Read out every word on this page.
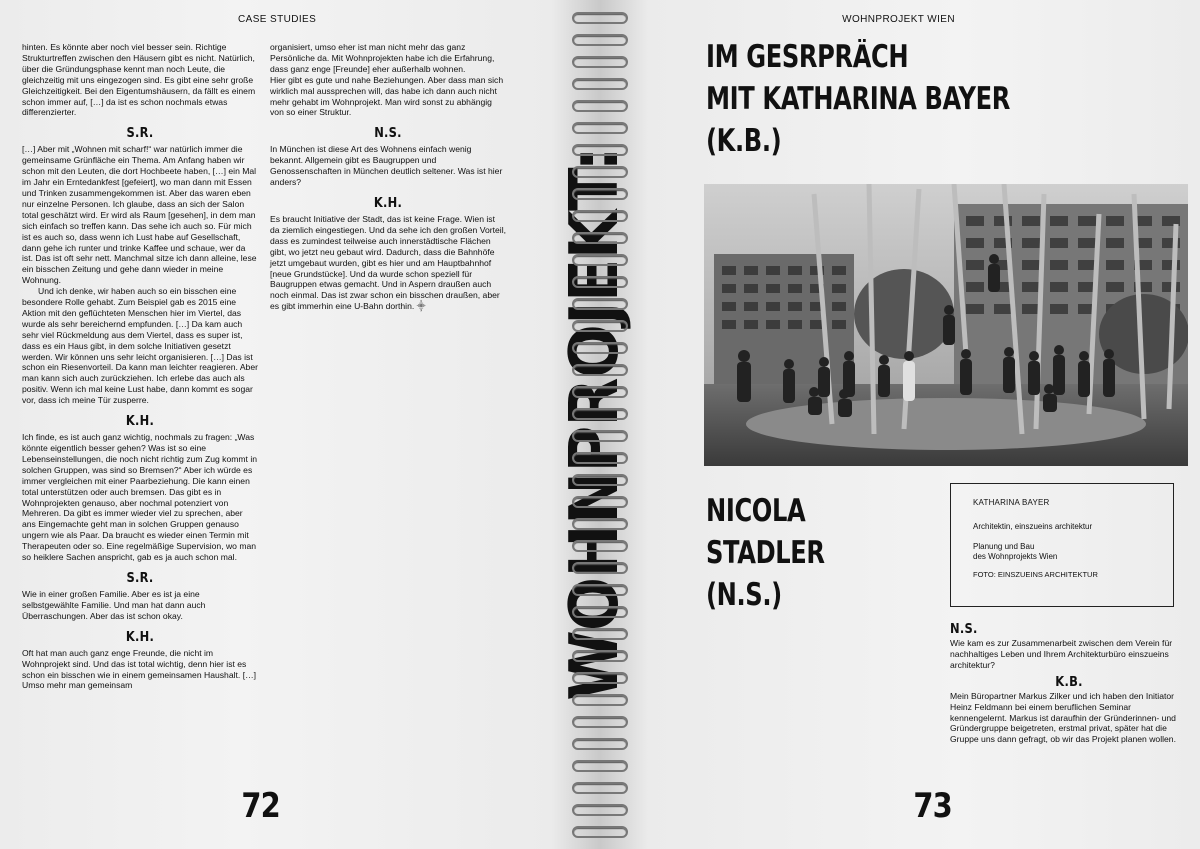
CASE STUDIES

hinten. Es könnte aber noch viel besser sein. Richtige Strukturtreffen zwischen den Häusern gibt es nicht. Natürlich, über die Gründungsphase kennt man noch Leute, die gleichzeitig mit uns eingezogen sind. Es gibt eine sehr große Gleichzeitigkeit. Bei den Eigentumshäusern, da fällt es einem schon immer auf, […] da ist es schon nochmals etwas differenzierter.

S.R.

[…] Aber mit „Wohnen mit scharf!“ war natürlich immer die gemeinsame Grünfläche ein Thema. Am Anfang haben wir schon mit den Leuten, die dort Hochbeete haben, […] ein Mal im Jahr ein Erntedankfest [gefeiert], wo man dann mit Essen und Trinken zusammengekommen ist. Aber das waren eben nur einzelne Personen. Ich glaube, dass an sich der Salon total geschätzt wird. Er wird als Raum [gesehen], in dem man sich einfach so treffen kann. Das sehe ich auch so. Für mich ist es auch so, dass wenn ich Lust habe auf Gesellschaft, dann gehe ich runter und trinke Kaffee und schaue, wer da ist. Das ist oft sehr nett. Manchmal sitze ich dann alleine, lese ein bisschen Zeitung und gehe dann wieder in meine Wohnung.

Und ich denke, wir haben auch so ein bisschen eine besondere Rolle gehabt. Zum Beispiel gab es 2015 eine Aktion mit den geflüchteten Menschen hier im Viertel, das wurde als sehr bereichernd empfunden. […] Da kam auch sehr viel Rückmeldung aus dem Viertel, dass es super ist, dass es ein Haus gibt, in dem solche Initiativen gesetzt werden. Wir können uns sehr leicht organisieren. […] Das ist schon ein Riesenvorteil. Da kann man leichter reagieren. Aber man kann sich auch zurückziehen. Ich erlebe das auch als positiv. Wenn ich mal keine Lust habe, dann kommt es sogar vor, dass ich meine Tür zusperre.

K.H.

Ich finde, es ist auch ganz wichtig, nochmals zu fragen: „Was könnte eigentlich besser gehen? Was ist so eine Lebenseinstellungen, die noch nicht richtig zum Zug kommt in solchen Gruppen, was sind so Bremsen?“ Aber ich würde es immer vergleichen mit einer Paarbeziehung. Die kann einen total unterstützen oder auch bremsen. Das gibt es in Wohnprojekten genauso, aber nochmal potenziert von Mehreren. Da gibt es immer wieder viel zu sprechen, aber ans Eingemachte geht man in solchen Gruppen genauso ungern wie als Paar. Da braucht es wieder einen Termin mit Therapeuten oder so. Eine regelmäßige Supervision, wo man so heiklere Sachen anspricht, gab es ja auch schon mal.

S.R.

Wie in einer großen Familie. Aber es ist ja eine selbstgewählte Familie. Und man hat dann auch Überraschungen. Aber das ist schon okay.

K.H.

Oft hat man auch ganz enge Freunde, die nicht im Wohnprojekt sind. Und das ist total wichtig, denn hier ist es schon ein bisschen wie in einem gemeinsamen Haushalt. […] Umso mehr man gemeinsam

organisiert, umso eher ist man nicht mehr das ganz Persönliche da. Mit Wohnprojekten habe ich die Erfahrung, dass ganz enge [Freunde] eher außerhalb wohnen.

Hier gibt es gute und nahe Beziehungen. Aber dass man sich wirklich mal aussprechen will, das habe ich dann auch nicht mehr gehabt im Wohnprojekt. Man wird sonst zu abhängig von so einer Struktur.

N.S.

In München ist diese Art des Wohnens einfach wenig bekannt. Allgemein gibt es Baugruppen und Genossenschaften in München deutlich seltener. Was ist hier anders?

K.H.

Es braucht Initiative der Stadt, das ist keine Frage. Wien ist da ziemlich eingestiegen. Und da sehe ich den großen Vorteil, dass es zumindest teilweise auch innerstädtische Flächen gibt, wo jetzt neu gebaut wird. Dadurch, dass die Bahnhöfe jetzt umgebaut wurden, gibt es hier und am Hauptbahnhof [neue Grundstücke]. Und da wurde schon speziell für Baugruppen etwas gemacht. Und in Aspern draußen auch noch einmal. Das ist zwar schon ein bisschen draußen, aber es gibt immerhin eine U-Bahn dorthin. ⸎

72
WOHNPROJEKT WIEN
IM GESRPRÄCH
MIT KATHARINA BAYER
(K.B.)
NICOLA
STADLER
(N.S.)
KATHARINA BAYER
Architektin, einszueins architektur
Planung und Bau
des Wohnprojekts Wien
FOTO: EINSZUEINS ARCHITEKTUR
N.S.

Wie kam es zur Zusammenarbeit zwischen dem Verein für nachhaltiges Leben und Ihrem Architekturbüro einszueins architektur?

K.B.

Mein Büropartner Markus Zilker und ich haben den Initiator Heinz Feldmann bei einem beruflichen Seminar kennengelernt. Markus ist daraufhin der Gründerinnen- und Gründergruppe beigetreten, erstmal privat, später hat die Gruppe uns dann gefragt, ob wir das Projekt planen wollen.

73
WOHNPROJEKT:
